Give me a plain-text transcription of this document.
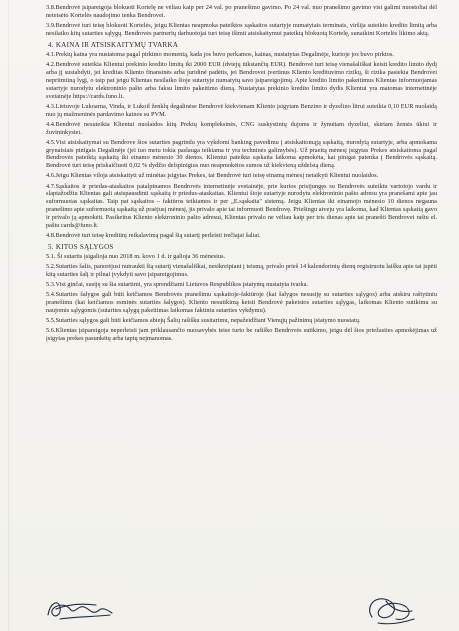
3.8.Bendrovė įsipareigoja blokuoti Kortelę ne vėliau kaip per 24 val. po pranešimo gavimo. Po 24 val. nuo pranešimo gavimo visi galimi nuostoliai dėl neteisėto Kortelės naudojimo tenka Bendrovei.
3.9.Bendrovė turi teisę blokuoti Kortelės, jeigu Klientas neapmoka pateiktos sąskaitos sutartyje numatytais terminais, viršija suteikto kredito limitą arba nesilaiko kitų sutarties sąlygų. Bendrovės partnerių darbuotojai turi teisę išimti atsiskaitymui pateiktą blokuotą Kortelę, sunaikint Kortelės likimo aktą.
4. KAINA IR ATSISKAITYMŲ TVARKA
4.1.Prekių kaina yra nustatoma pagal pirkimo momentą, kada jos buvo perkamos, kainas, nustatytas Degalinėje, kurioje jos buvo pirktos.
4.2.Bendrovė suteikia Klientui prekinio kredito limitą iki 2000 EUR (dviejų tūkstančių EUR). Bendrovė turi teisę vienašališkai keisti kredito limito dydį arba jį sustabdyti, jei kreditas Kliento finansinės arba juridinė padėtis, jei Bendrovei įvertinus Kliento kredituvimo rizikų, ši rizika pasiekia Bendrovei nepriimtiną lygį, o taip pat jeigu Klientas nesilaiko šioje sutartyje numatytų savo įsipareigojimų. Apie kredito limito pakeitimus Klientas informuojamas sutartyje nurodytu elektroninio pašto arba faksu limito pakeitimo dieną. Nustatytas prekinio kredito limito dydis Klientui yra matomas internetinėje svetainėje https://cards.funo.lt.
4.3.Lietuvoje Lukoarna, Vinda, ir Lukoil ženklų degalinėse Bendrovė kiekvienam Kliento įsigytam Benzino ir dyzelino litrui suteikia 0,10 EUR nuolaidą nuo jų mažmeninės pardavimo kainos su PVM.
4.4.Bendrovė nesuteikia Klientui nuolaidos kitų Prekių kompleksinės, CNG suskystintų dujoms ir žymėtam dyzeliui, skirtam žemės ūkiui ir žuvininkystei.
4.5.Visi atsiskaitymai su Bendrove šios sutarties pagrindu yra vykdomi banking pavedimu į atsiskaitomąją sąskaitą, nurodytą sutartyje, arba apmokama grynaisiais pinigais Degalinėje (jei tuo metu tokia paslauga teikiama ir yra techninės galimybės). Už praeitą mėnesį įsigytas Prekes atsiskaitoma pagal Bendrovės pateiktą sąskaitą iki einamo mėnesio 30 dienos. Klientui pateikta sąskaita laikoma apmokėta, kai pinigai patenka į Bendrovės sąskaitą. Bendrovė turi teisę priskaičiuoti 0,02 % dydžio delspinigius nuo neapmokėtos sumos už kiekvieną uždelstą dieną.
4.6.Jeigu Klientas viloja atsiskaityti už minėtas įsigytas Prekes, tai Bendrovė turi teisę einamą mėnesį netaikyti Klientui nuolaidos.
4.7.Sąskaitos ir priedas-ataskaitos patalpinamos Bendrovės internetinėje svetainėje, prie kurios prisijungęs su Bendrovės suteiktu vartotojo vardu ir slaptažodžiu Klientas gali atsispausdinti sąskaitą ir priedus-ataskaitas. Klientui šioje sutartyje nurodytu elektroninio pašto adresu yra pranešami apie jau suformuotas sąskaitas. Taip pat sąskaitos – faktūros teikiamos ir per „E.sąskaita" sistemą. Jeigu Klientas iki einamojo mėnesio 10 dienos negauna pranešimo apie suformuotą sąskaitą už praėjusį mėnesį, jis privalo apie tai informuoti Bendrovę. Priešingu atveju yra laikoma, kad Klientas sąskaitą gavo ir privalo ją apmokėti. Pasikeitus Kliento elektroninio pašto adresui, Klientas privalo ne vėliau kaip per tris dienas apie tai pranešti Bendrovei raštu el. paštu cards@funo.lt.
4.8.Bendrovė turi teisę kreditinį reikalavimą pagal šią sutartį perleisti trečiajai šaliai.
5. KITOS SĄLYGOS
5.1. Ši sutartis įsigalioja nuo 2018 m. kovo 1 d. ir galioja 36 mėnesius.
5.2.Sutarties šalis, panorėjusi nutraukti šią sutartį vienašališkai, nesikreipiant į teismą, privalo prieš 14 kalendorinių dienų registruotu laišku apie tai įspėti kitą sutarties šalį ir pilnai įvykdyti savo įsipareigojimus.
5.3.Visi ginčai, susiję su šia sutartimi, yra sprendžiami Lietuvos Respublikos įstatymų nustatyta tvarka.
5.4.Sutarties šalygos gali būti keičiamos Bendrovės pranešimu sąskaitoje-faktūroje (kai šalygos nesusiję su sutarties sąlygos) arba atskiru raštytiniu pranešimu (kai keičiamos esminės sutarties šalygos). Kliento nesutikimą keisti Bendrovė pakeistos sutarties sąlygas, laikomas Kliento sutikimu su naujomis sąlygomis (sutarties sąlygų pakeitimas laikomas faktiniu sutarties vykdymu).
5.5.Sutarties sąlygos gali būti keičiamos abiejų Šalių rašišku susitarimu, nepažeidžiant Vienųjų pažinimų įstatymo nuostatų.
5.6.Klientas įsipareigoja neperleisti jam priklausančio nuosavybės teise turto be rašiško Bendrovės sutikimo, jeigu dėl šios priežasties apmokėjimas už įsigytas prekes pasunkėtų arba taptų neįmanomas.
